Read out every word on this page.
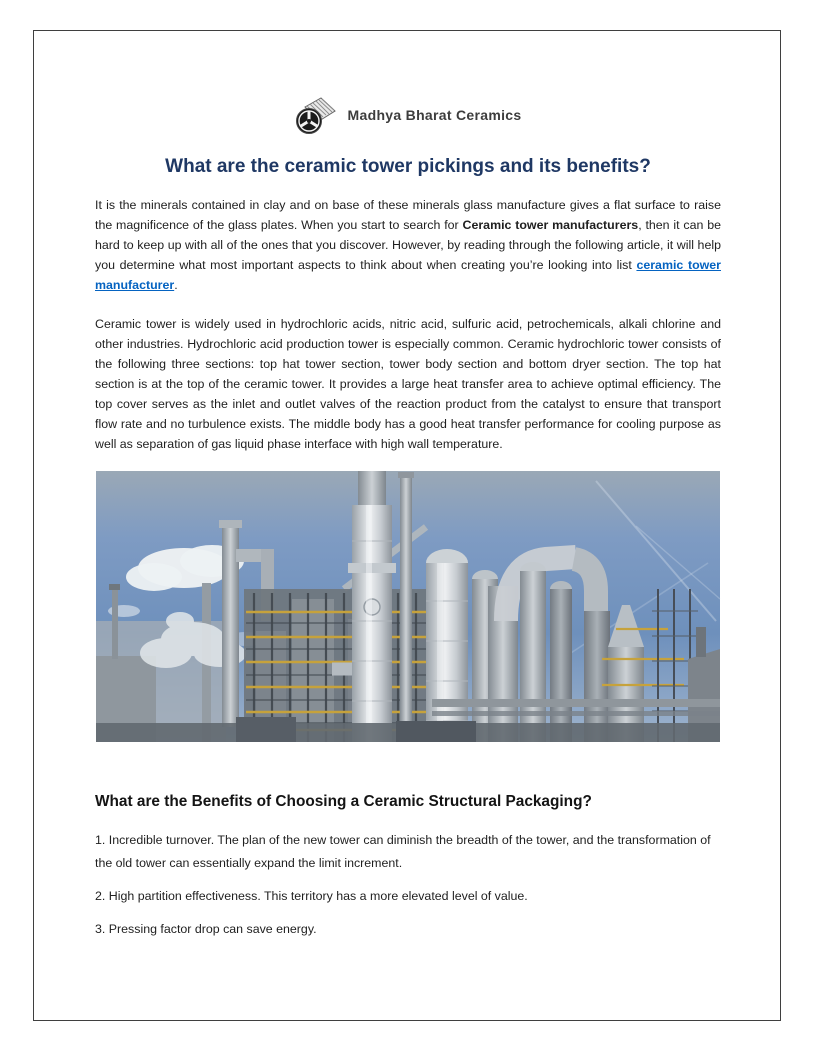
Madhya Bharat Ceramics
What are the ceramic tower pickings and its benefits?

It is the minerals contained in clay and on base of these minerals glass manufacture gives a flat surface to raise the magnificence of the glass plates. When you start to search for Ceramic tower manufacturers, then it can be hard to keep up with all of the ones that you discover. However, by reading through the following article, it will help you determine what most important aspects to think about when creating you’re looking into list ceramic tower manufacturer.

Ceramic tower is widely used in hydrochloric acids, nitric acid, sulfuric acid, petrochemicals, alkali chlorine and other industries. Hydrochloric acid production tower is especially common. Ceramic hydrochloric tower consists of the following three sections: top hat tower section, tower body section and bottom dryer section. The top hat section is at the top of the ceramic tower. It provides a large heat transfer area to achieve optimal efficiency. The top cover serves as the inlet and outlet valves of the reaction product from the catalyst to ensure that transport flow rate and no turbulence exists. The middle body has a good heat transfer performance for cooling purpose as well as separation of gas liquid phase interface with high wall temperature.

What are the Benefits of Choosing a Ceramic Structural Packaging?

1. Incredible turnover. The plan of the new tower can diminish the breadth of the tower, and the transformation of the old tower can essentially expand the limit increment.

2. High partition effectiveness. This territory has a more elevated level of value.

3. Pressing factor drop can save energy.
